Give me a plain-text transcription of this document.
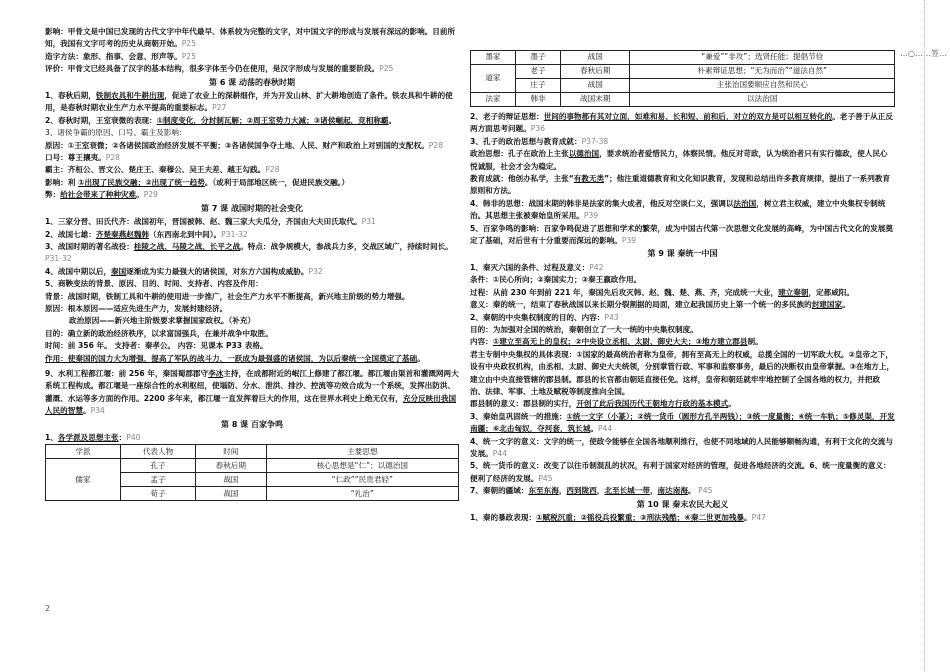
影响：甲骨文是中国已发现的古代文字中年代最早、体系较为完整的文字，对中国文字的形成与发展有深远的影响。目前所知，我国有文字可考的历史从商朝开始。P25

造字方法：象形、指事、会意、形声等。P25

评价：甲骨文已经具备了汉字的基本结构，很多字体至今仍在使用，是汉字形成与发展的重要阶段。P25

第 6 课 动荡的春秋时期

1、春秋后期，铁制农具和牛耕出现，促进了农业上的深耕细作，并为开发山林、扩大耕地创造了条件。铁农具和牛耕的使用，是春秋时期农业生产力水平提高的重要标志。P27

2、春秋时期，王室衰微的表现：①制度变化，分封制瓦解；②周王室势力大减；③诸侯崛起，竞相称霸。

3、诸侯争霸的原因、口号、霸主及影响：

原因：①王室衰微；②各诸侯国政治经济发展不平衡；③各诸侯国争夺土地、人民、财产和政治上对别国的支配权。P28

口号：尊王攘夷。P28

霸主：齐桓公、晋文公、楚庄王、秦穆公、吴王夫差、越王勾践。P28

影响：利 ①出现了民族交融；②出现了统一趋势。（或利于局部地区统一，促进民族交融。）

弊：给社会带来了种种灾难。P29

第 7 课 战国时期的社会变化

1、三家分晋、田氏代齐：战国初年，晋国被韩、赵、魏三家大夫瓜分，齐国由大夫田氏取代。P31

2、战国七雄：齐楚秦燕赵魏韩（东西南北到中间）。P31-32

3、战国时期的著名战役：桂陵之战、马陵之战、长平之战。特点：战争规模大，参战兵力多，交战区域广，持续时间长。P31-32

4、战国中期以后，秦国逐渐成为实力最强大的诸侯国，对东方六国构成威胁。P32

5、商鞅变法的背景、原因、目的、时间、支持者、内容及作用：

背景：战国时期，铁制工具和牛耕的使用进一步推广，社会生产力水平不断提高，新兴地主阶级的势力增强。

原因：根本原因——适应先进生产力，发展封建经济。

政治原因——新兴地主阶级要求掌握国家政权。（补充）

目的：确立新的政治经济秩序，以求富国强兵，在兼并战争中取胜。

时间：前 356 年。 支持者：秦孝公。 内容：见课本 P33 表格。

作用：使秦国的国力大为增强，提高了军队的战斗力，一跃成为最强盛的诸侯国，为以后秦统一全国奠定了基础。

9、水利工程都江堰：前 256 年，秦国蜀郡郡守李冰主持，在成都附近的岷江上修建了都江堰。都江堰由渠首和灌溉网两大系统工程构成。都江堰是一座综合性的水利枢纽，使塌防、分水、泄洪、排沙、控流等功效合成为一个系统，发挥出防洪、灌溉、水运等多方面的作用。2200 多年来，都江堰一直发挥着巨大的作用，这在世界水利史上绝无仅有，充分反映出我国人民的智慧。P34

第 8 课 百家争鸣

1、各学派及思想主张：P40

学派	代表人物	时间	主要思想
儒家	孔子	春秋后期	核心思想是“仁”；以德治国
	孟子	战国	“仁政”“民贵君轻”
	荀子	战国	“礼治”
墨家	墨子	战国	“兼爱”“非攻”；选贤任能；提倡节俭
道家	老子	春秋后期	朴素辩证思想；“无为而治”“道法自然”
	庄子	战国	主张治国要顺应自然和民心
法家	韩非	战国末期	以法治国

2、老子的辩证思想：世间的事物都有其对立面，如难和易、长和短、前和后，对立的双方是可以相互转化的。老子善于从正反两方面思考问题。P36

3、孔子的政治思想与教育成就：P37-38

政治思想：孔子在政治上主张以德治国，要求统治者爱惜民力，体察民情。他反对苛政，认为统治者只有实行德政，使人民心悦诚服，社会才会为稳定。

教育成就：他创办私学，主张“有教无类”；他注重道德教育和文化知识教育，发现和总结出许多教育规律，提出了一系列教育原则和方法。

4、韩非的思想：战国末期的韩非是法家的集大成者，他反对空谈仁义，强调以法治国，树立君主权威，建立中央集权专制统治。其思想主张被秦始皇所采用。P39

5、百家争鸣的影响：百家争鸣促进了思想和学术的繁荣，成为中国古代第一次思想文化发展的高峰，为中国古代文化的发展奠定了基础，对后世有十分重要而深远的影响。P39

第 9 课 秦统一中国

1、秦灭六国的条件、过程及意义：P42

条件：①民心所向；②秦国实力；③秦王嬴政作用。

过程：从前 230 年到前 221 年，秦国先后攻灭韩、赵、魏、楚、燕、齐，完成统一大业，建立秦朝，定都咸阳。

意义：秦的统一，结束了春秋战国以来长期分裂割据的局面，建立起我国历史上第一个统一的多民族的封建国家。

2、秦朝的中央集权制度的目的、内容：P43

目的：为加强对全国的统治，秦朝创立了一大一统的中央集权制度。

内容：①建立至高无上的皇权；②中央设立丞相、太尉、御史大夫；③地方建立郡县制。

君主专制中央集权的具体表现：①国家的最高统治者称为皇帝，拥有至高无上的权威，总揽全国的一切军政大权。②皇帝之下，设有中央政权机构，由丞相、太尉、御史大夫统领，分别掌管行政、军事和监察事务，最后的决断权由皇帝掌握。③在地方上，建立由中央直接管辖的郡县制。郡县的长官都由朝廷直接任免。这样，皇帝和朝廷就牢牢地控制了全国各地的权力，并把政治、法律、军事、土地及赋税等制度推向全国。

郡县制的意义：郡县制的实行，开创了此后我国历代王朝地方行政的基本模式。

3、秦始皇巩固统一的措施：①统一文字（小篆）；②统一货币（圆形方孔半两钱）；③统一度量衡；④统一车轨；⑤修灵渠，开发南疆；⑥北击匈奴，夺河套，筑长城。P44

4、统一文字的意义：文字的统一，使政令能够在全国各地顺利推行，也使不同地域的人民能够顺畅沟通，有利于文化的交流与发展。P44

5、统一货币的意义：改变了以往币制混乱的状况，有利于国家对经济的管理，促进各地经济的交流。6、统一度量衡的意义：便利了经济的发展。P45

7、秦朝的疆域：东至东海，西到陇西，北至长城一带，南达南海。 P45

第 10 课 秦末农民大起义

1、秦的暴政表现：①赋税沉重；②徭役兵役繁重；③刑法残酷；④秦二世更加残暴。P47

2
…○……签…
